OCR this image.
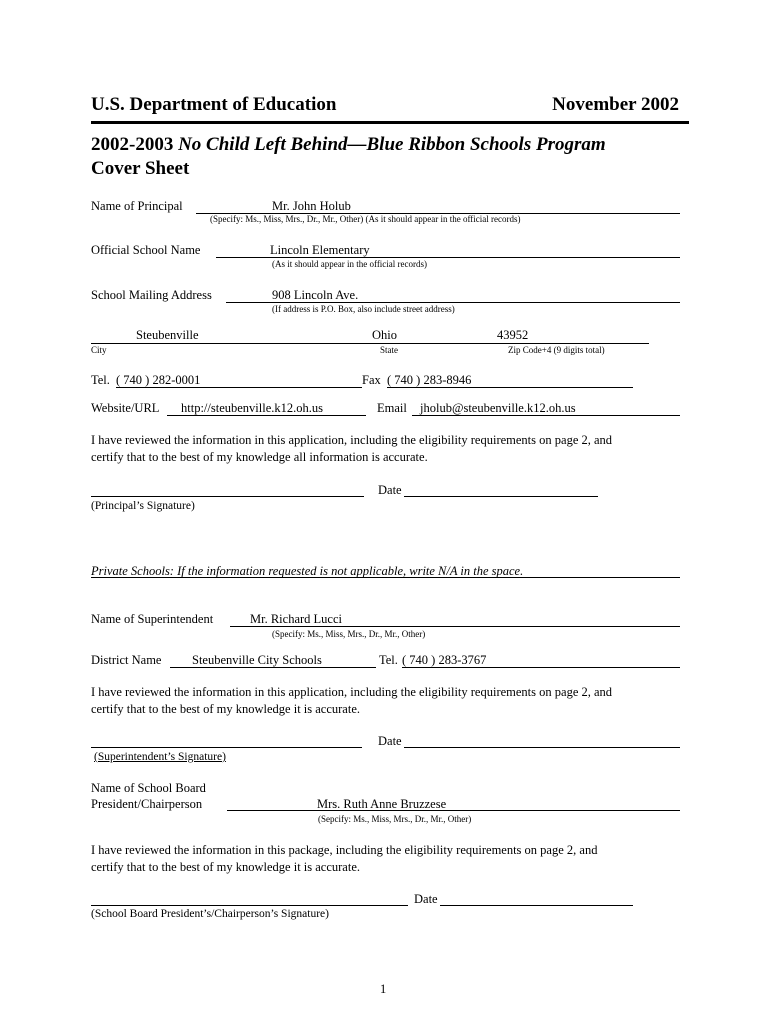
U.S. Department of Education	November 2002
2002-2003 No Child Left Behind—Blue Ribbon Schools Program
Cover Sheet
Name of Principal	Mr. John Holub
(Specify: Ms., Miss, Mrs., Dr., Mr., Other) (As it should appear in the official records)
Official School Name	Lincoln Elementary
(As it should appear in the official records)
School Mailing Address	908 Lincoln Ave.
(If address is P.O. Box, also include street address)
Steubenville	Ohio	43952
City	State	Zip Code+4 (9 digits total)
Tel. ( 740 ) 282-0001	Fax ( 740 ) 283-8946
Website/URL http://steubenville.k12.oh.us	Email jholub@steubenville.k12.oh.us
I have reviewed the information in this application, including the eligibility requirements on page 2, and
certify that to the best of my knowledge all information is accurate.
Date
(Principal’s Signature)
Private Schools: If the information requested is not applicable, write N/A in the space.
Name of Superintendent	Mr. Richard Lucci
(Specify: Ms., Miss, Mrs., Dr., Mr., Other)
District Name Steubenville City Schools	Tel. ( 740 ) 283-3767
I have reviewed the information in this application, including the eligibility requirements on page 2, and
certify that to the best of my knowledge it is accurate.
Date
(Superintendent’s Signature)
Name of School Board
President/Chairperson	Mrs. Ruth Anne Bruzzese
(Sepcify: Ms., Miss, Mrs., Dr., Mr., Other)
I have reviewed the information in this package, including the eligibility requirements on page 2, and
certify that to the best of my knowledge it is accurate.
Date
(School Board President’s/Chairperson’s Signature)
1
